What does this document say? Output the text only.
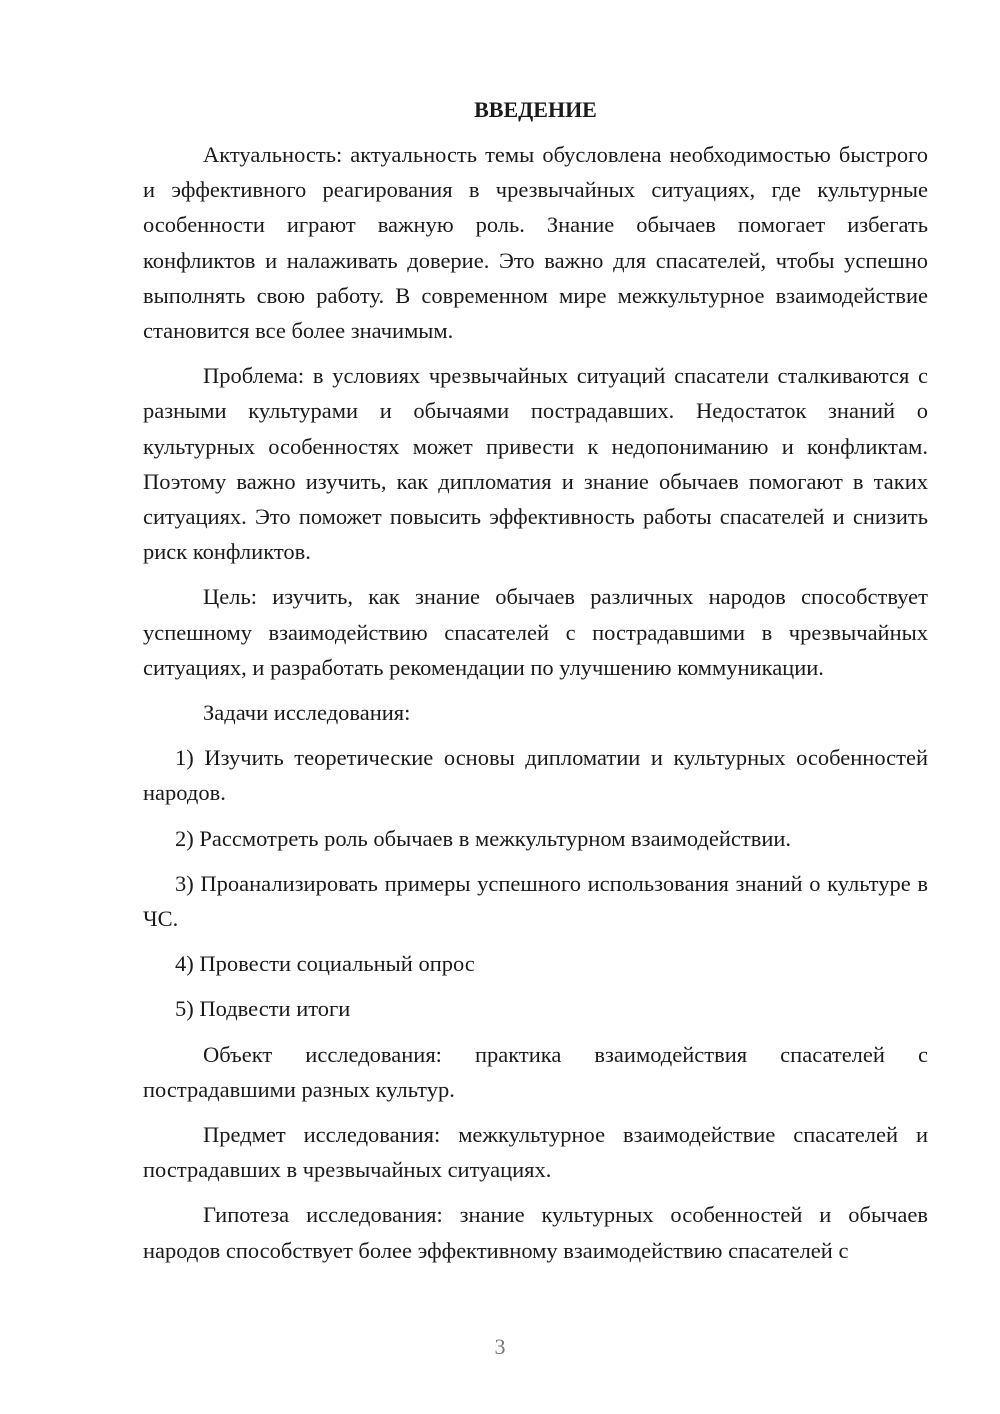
ВВЕДЕНИЕ

Актуальность: актуальность темы обусловлена необходимостью быстрого и эффективного реагирования в чрезвычайных ситуациях, где культурные особенности играют важную роль. Знание обычаев помогает избегать конфликтов и налаживать доверие. Это важно для спасателей, чтобы успешно выполнять свою работу. В современном мире межкультурное взаимодействие становится все более значимым.

Проблема: в условиях чрезвычайных ситуаций спасатели сталкиваются с разными культурами и обычаями пострадавших. Недостаток знаний о культурных особенностях может привести к недопониманию и конфликтам. Поэтому важно изучить, как дипломатия и знание обычаев помогают в таких ситуациях. Это поможет повысить эффективность работы спасателей и снизить риск конфликтов.

Цель: изучить, как знание обычаев различных народов способствует успешному взаимодействию спасателей с пострадавшими в чрезвычайных ситуациях, и разработать рекомендации по улучшению коммуникации.

Задачи исследования:

1) Изучить теоретические основы дипломатии и культурных особенностей народов.

2) Рассмотреть роль обычаев в межкультурном взаимодействии.

3) Проанализировать примеры успешного использования знаний о культуре в ЧС.

4) Провести социальный опрос

5) Подвести итоги

Объект исследования: практика взаимодействия спасателей с пострадавшими разных культур.

Предмет исследования: межкультурное взаимодействие спасателей и пострадавших в чрезвычайных ситуациях.

Гипотеза исследования: знание культурных особенностей и обычаев народов способствует более эффективному взаимодействию спасателей с

3
